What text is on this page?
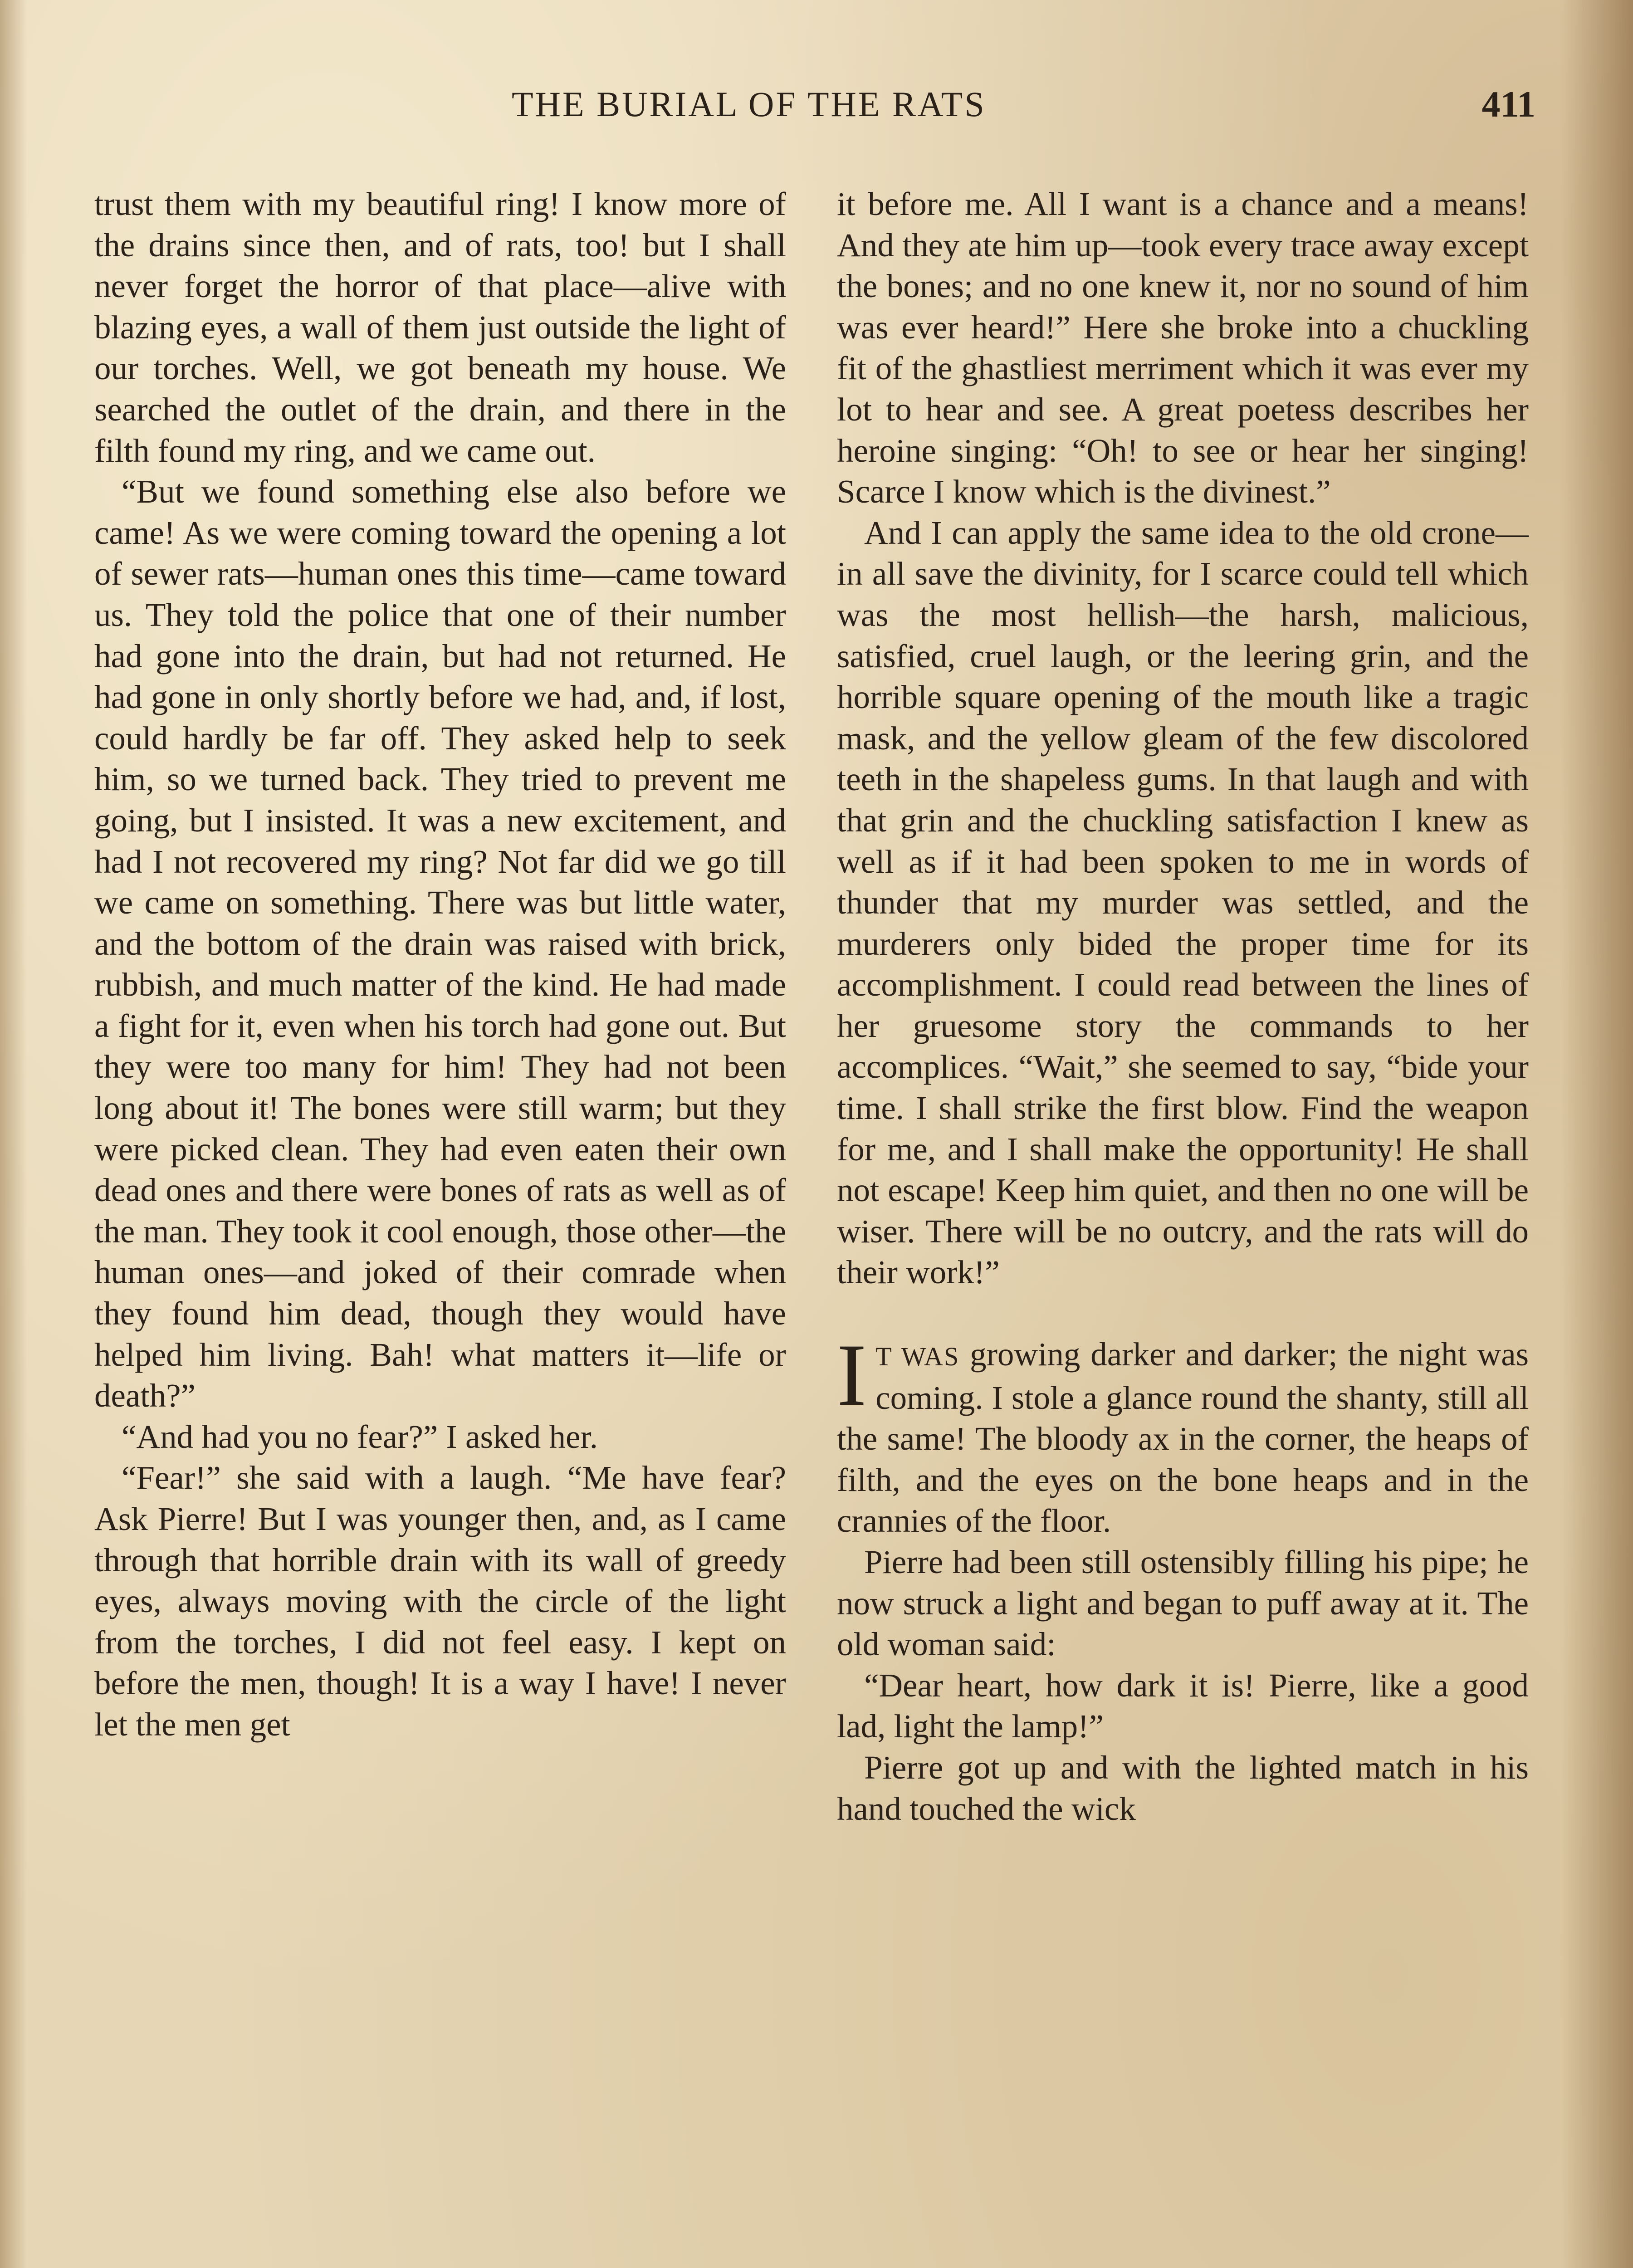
THE BURIAL OF THE RATS	411

trust them with my beautiful ring! I know more of the drains since then, and of rats, too! but I shall never forget the horror of that place—alive with blazing eyes, a wall of them just outside the light of our torches. Well, we got beneath my house. We searched the outlet of the drain, and there in the filth found my ring, and we came out.

“But we found something else also before we came! As we were coming toward the opening a lot of sewer rats—human ones this time—came toward us. They told the police that one of their number had gone into the drain, but had not returned. He had gone in only shortly before we had, and, if lost, could hardly be far off. They asked help to seek him, so we turned back. They tried to prevent me going, but I insisted. It was a new excitement, and had I not recovered my ring? Not far did we go till we came on something. There was but little water, and the bottom of the drain was raised with brick, rubbish, and much matter of the kind. He had made a fight for it, even when his torch had gone out. But they were too many for him! They had not been long about it! The bones were still warm; but they were picked clean. They had even eaten their own dead ones and there were bones of rats as well as of the man. They took it cool enough, those other—the human ones—and joked of their comrade when they found him dead, though they would have helped him living. Bah! what matters it—life or death?”

“And had you no fear?” I asked her.

“Fear!” she said with a laugh. “Me have fear? Ask Pierre! But I was younger then, and, as I came through that horrible drain with its wall of greedy eyes, always moving with the circle of the light from the torches, I did not feel easy. I kept on before the men, though! It is a way I have! I never let the men get

it before me. All I want is a chance and a means! And they ate him up—took every trace away except the bones; and no one knew it, nor no sound of him was ever heard!” Here she broke into a chuckling fit of the ghastliest merriment which it was ever my lot to hear and see. A great poetess describes her heroine singing: “Oh! to see or hear her singing! Scarce I know which is the divinest.”

And I can apply the same idea to the old crone—in all save the divinity, for I scarce could tell which was the most hellish—the harsh, malicious, satisfied, cruel laugh, or the leering grin, and the horrible square opening of the mouth like a tragic mask, and the yellow gleam of the few discolored teeth in the shapeless gums. In that laugh and with that grin and the chuckling satisfaction I knew as well as if it had been spoken to me in words of thunder that my murder was settled, and the murderers only bided the proper time for its accomplishment. I could read between the lines of her gruesome story the commands to her accomplices. “Wait,” she seemed to say, “bide your time. I shall strike the first blow. Find the weapon for me, and I shall make the opportunity! He shall not escape! Keep him quiet, and then no one will be wiser. There will be no outcry, and the rats will do their work!”

I T WAS growing darker and darker; the night was coming. I stole a glance round the shanty, still all the same! The bloody ax in the corner, the heaps of filth, and the eyes on the bone heaps and in the crannies of the floor.

Pierre had been still ostensibly filling his pipe; he now struck a light and began to puff away at it. The old woman said:

“Dear heart, how dark it is! Pierre, like a good lad, light the lamp!”

Pierre got up and with the lighted match in his hand touched the wick
